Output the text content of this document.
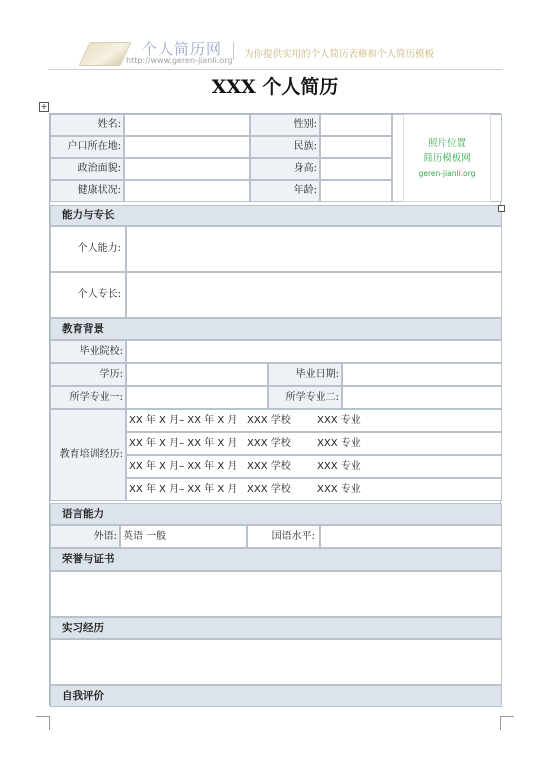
个人简历网
http://www.geren-jianli.org
为你提供实用的个人简历表格和个人简历模板
XXX 个人简历
+
姓名:	性别:
户口所在地:	民族:
政治面貌:	身高:
健康状况:	年龄:
照片位置
简历模板网
geren-jianli.org
能力与专长
个人能力:
个人专长:
教育背景
毕业院校:
学历:	毕业日期:
所学专业一:	所学专业二:
教育培训经历:
XX 年 X 月– XX 年 X 月 XXX 学校	XXX 专业
XX 年 X 月– XX 年 X 月 XXX 学校	XXX 专业
XX 年 X 月– XX 年 X 月 XXX 学校	XXX 专业
XX 年 X 月– XX 年 X 月 XXX 学校	XXX 专业
语言能力
外语: 英语 一般	国语水平:
荣誉与证书
实习经历
自我评价
